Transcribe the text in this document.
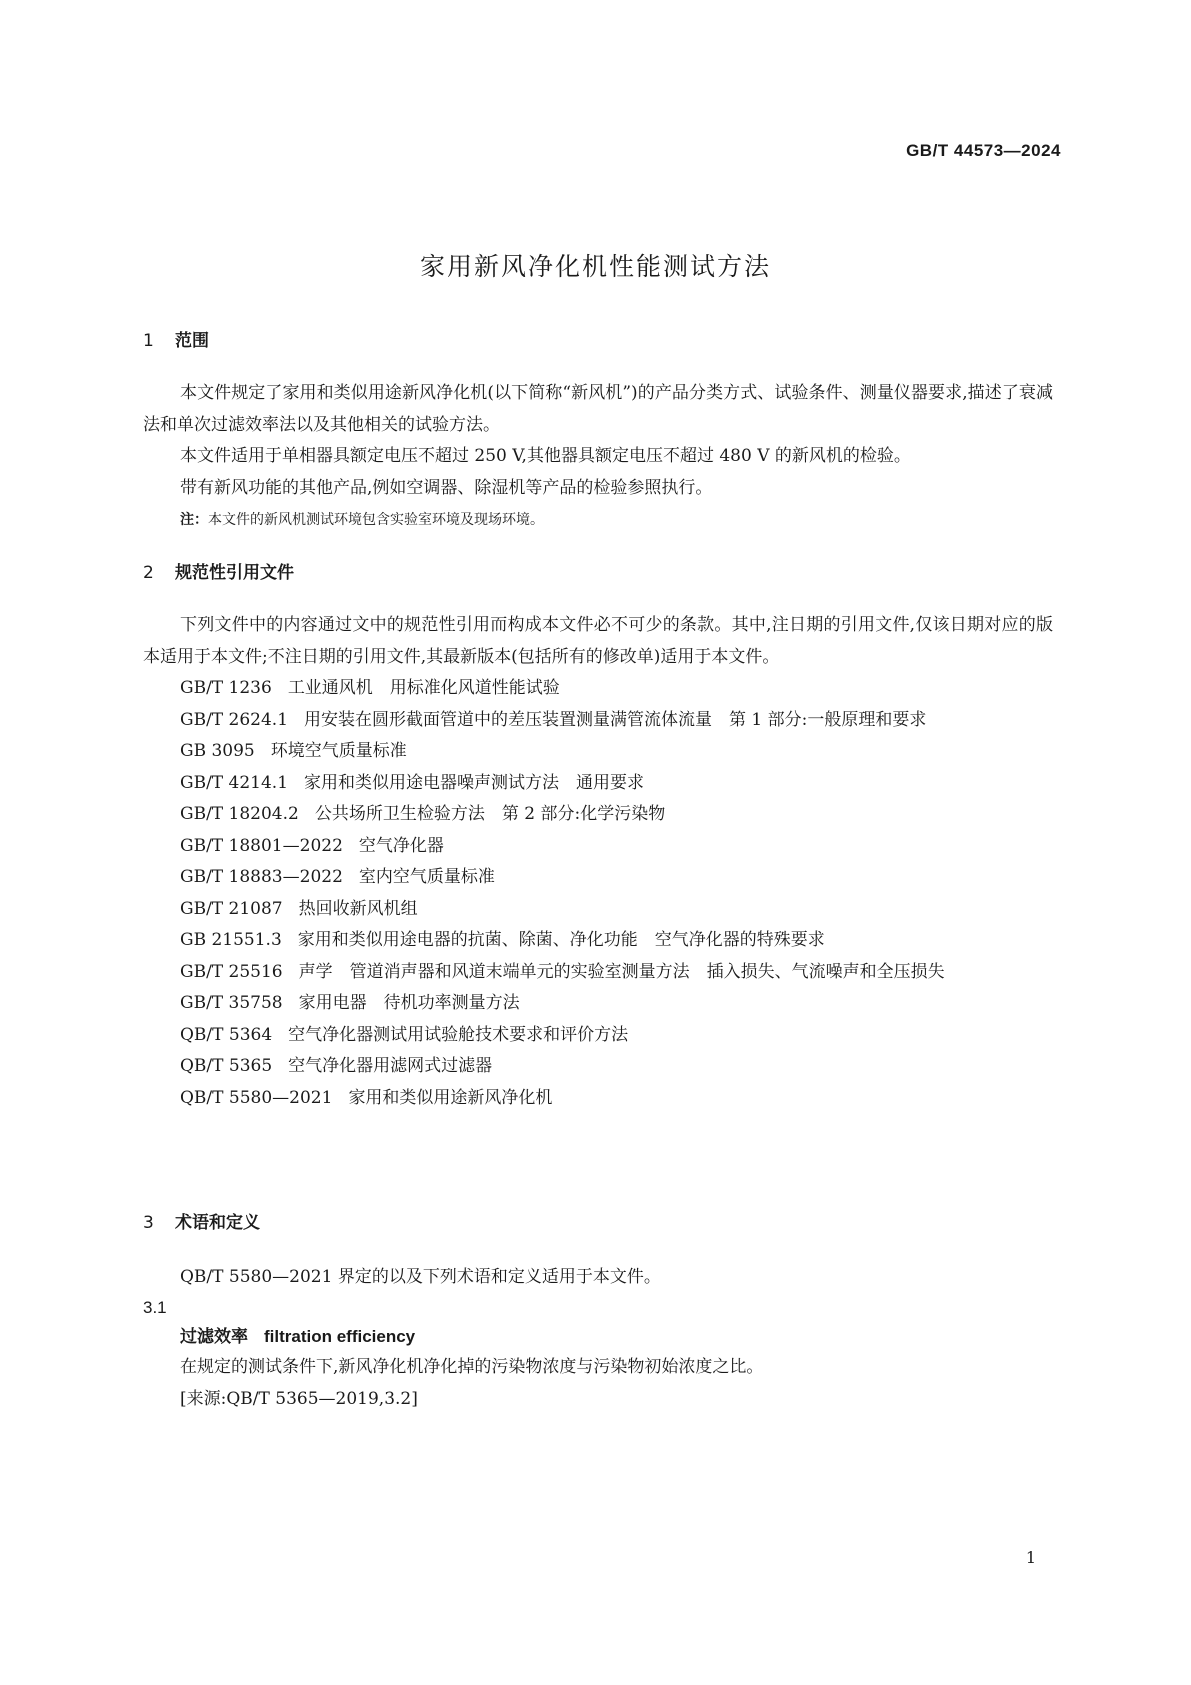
GB/T 44573—2024
家用新风净化机性能测试方法
1 范围

本文件规定了家用和类似用途新风净化机(以下简称“新风机”)的产品分类方式、试验条件、测量仪器要求,描述了衰减法和单次过滤效率法以及其他相关的试验方法。

本文件适用于单相器具额定电压不超过 250 V,其他器具额定电压不超过 480 V 的新风机的检验。

带有新风功能的其他产品,例如空调器、除湿机等产品的检验参照执行。

注：本文件的新风机测试环境包含实验室环境及现场环境。

2 规范性引用文件

下列文件中的内容通过文中的规范性引用而构成本文件必不可少的条款。其中,注日期的引用文件,仅该日期对应的版本适用于本文件;不注日期的引用文件,其最新版本(包括所有的修改单)适用于本文件。

GB/T 1236 工业通风机　用标准化风道性能试验
GB/T 2624.1 用安装在圆形截面管道中的差压装置测量满管流体流量　第 1 部分:一般原理和要求
GB 3095 环境空气质量标准
GB/T 4214.1 家用和类似用途电器噪声测试方法　通用要求
GB/T 18204.2 公共场所卫生检验方法　第 2 部分:化学污染物
GB/T 18801—2022 空气净化器
GB/T 18883—2022 室内空气质量标准
GB/T 21087 热回收新风机组
GB 21551.3 家用和类似用途电器的抗菌、除菌、净化功能　空气净化器的特殊要求
GB/T 25516 声学　管道消声器和风道末端单元的实验室测量方法　插入损失、气流噪声和全压损失
GB/T 35758 家用电器　待机功率测量方法
QB/T 5364 空气净化器测试用试验舱技术要求和评价方法
QB/T 5365 空气净化器用滤网式过滤器
QB/T 5580—2021 家用和类似用途新风净化机
3 术语和定义

QB/T 5580—2021 界定的以及下列术语和定义适用于本文件。

3.1
过滤效率 filtration efficiency
在规定的测试条件下,新风净化机净化掉的污染物浓度与污染物初始浓度之比。
[来源:QB/T 5365—2019,3.2]
1
